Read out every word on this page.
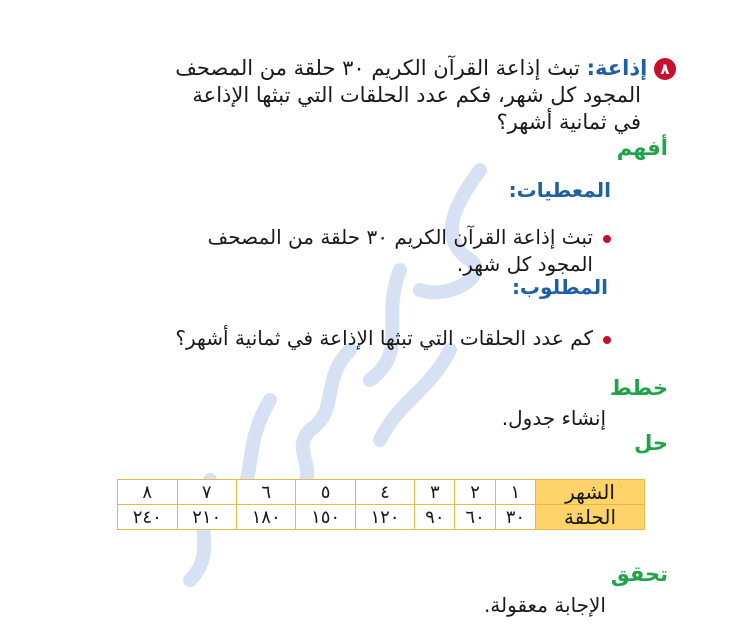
٨ إذاعة: تبث إذاعة القرآن الكريم ٣٠ حلقة من المصحف
المجود كل شهر، فكم عدد الحلقات التي تبثها الإذاعة
في ثمانية أشهر؟
أفهم
المعطيات:
تبث إذاعة القرآن الكريم ٣٠ حلقة من المصحف
المجود كل شهر.
المطلوب:
كم عدد الحلقات التي تبثها الإذاعة في ثمانية أشهر؟
خطط
إنشاء جدول.
حل
الشهر	١	٢	٣	٤	٥	٦	٧	٨
الحلقة	٣٠	٦٠	٩٠	١٢٠	١٥٠	١٨٠	٢١٠	٢٤٠
تحقق
الإجابة معقولة.
